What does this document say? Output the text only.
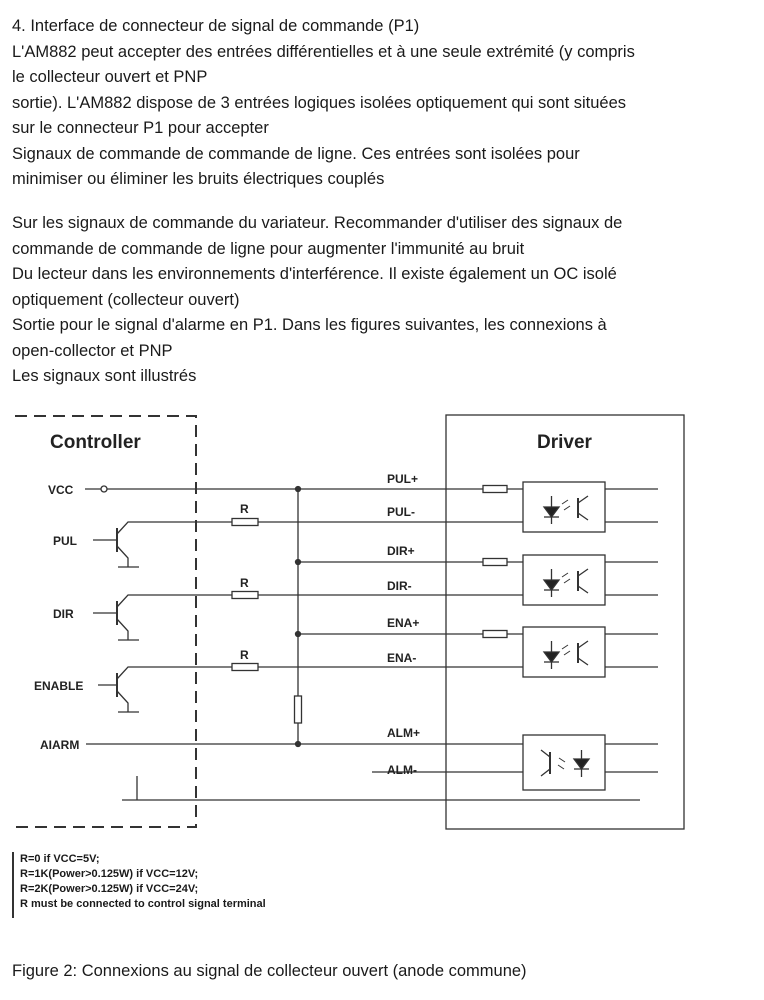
4. Interface de connecteur de signal de commande (P1)
L'AM882 peut accepter des entrées différentielles et à une seule extrémité (y compris
le collecteur ouvert et PNP
sortie). L'AM882 dispose de 3 entrées logiques isolées optiquement qui sont situées
sur le connecteur P1 pour accepter
Signaux de commande de commande de ligne. Ces entrées sont isolées pour
minimiser ou éliminer les bruits électriques couplés
Sur les signaux de commande du variateur. Recommander d'utiliser des signaux de
commande de commande de ligne pour augmenter l'immunité au bruit
Du lecteur dans les environnements d'interférence. Il existe également un OC isolé
optiquement (collecteur ouvert)
Sortie pour le signal d'alarme en P1. Dans les figures suivantes, les connexions à
open-collector et PNP
Les signaux sont illustrés
Controller	Driver
VCC
PUL
DIR
ENABLE
AIARM
R
R
R
PUL+
PUL-
DIR+
DIR-
ENA+
ENA-
ALM+
ALM-
R=0 if VCC=5V;
R=1K(Power>0.125W) if VCC=12V;
R=2K(Power>0.125W) if VCC=24V;
R must be connected to control signal terminal
Figure 2: Connexions au signal de collecteur ouvert (anode commune)
